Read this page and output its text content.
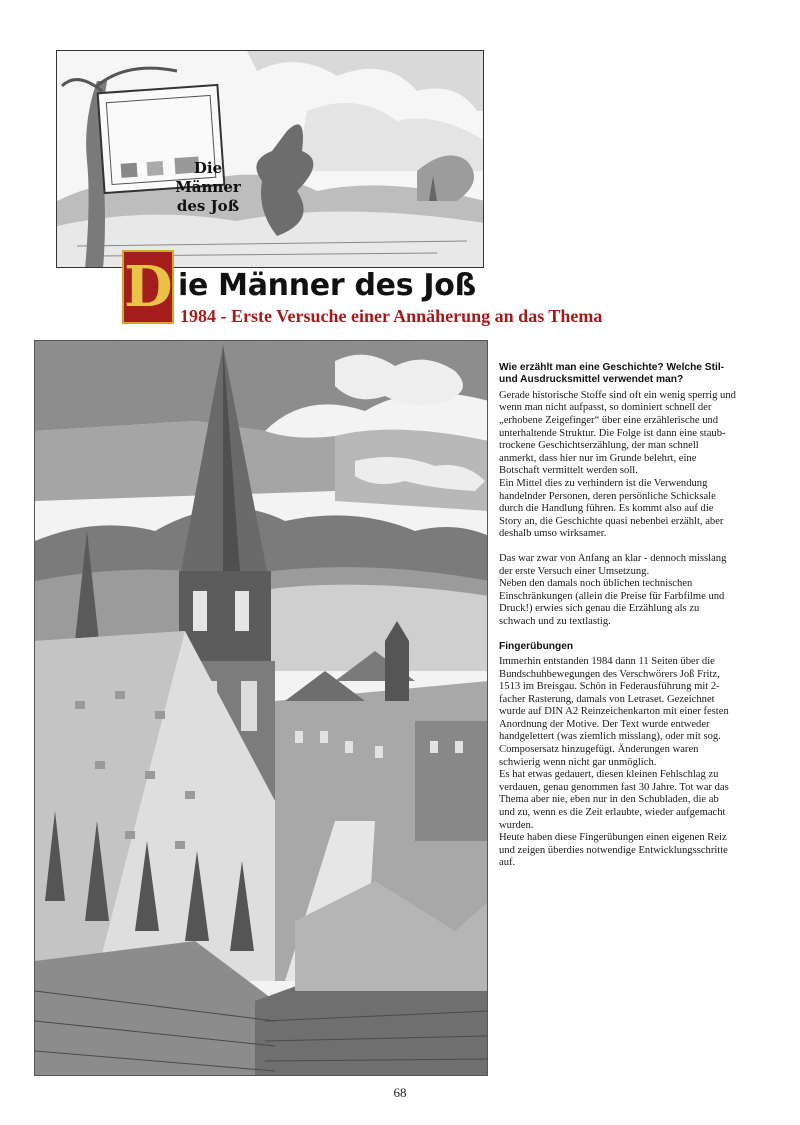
Die Männer
des Joß
D ie Männer des Joß
1984 - Erste Versuche einer Annäherung an das Thema

Wie erzählt man eine Geschichte? Welche Stil- und Ausdrucksmittel verwendet man?

Gerade historische Stoffe sind oft ein wenig sperrig und wenn man nicht aufpasst, so dominiert schnell der „erhobene Zeigefinger“ über eine erzählerische und unterhaltende Struktur. Die Folge ist dann eine staub-trockene Geschichtserzählung, der man schnell anmerkt, dass hier nur im Grunde belehrt, eine Botschaft vermittelt werden soll.

Ein Mittel dies zu verhindern ist die Verwendung handelnder Personen, deren persönliche Schicksale durch die Handlung führen. Es kommt also auf die Story an, die Geschichte quasi nebenbei erzählt, aber deshalb umso wirksamer.

Das war zwar von Anfang an klar - dennoch misslang der erste Versuch einer Umsetzung.

Neben den damals noch üblichen technischen Einschränkungen (allein die Preise für Farbfilme und Druck!) erwies sich genau die Erzählung als zu schwach und zu textlastig.

Fingerübungen

Immerhin entstanden 1984 dann 11 Seiten über die Bundschuhbewegungen des Verschwörers Joß Fritz, 1513 im Breisgau. Schön in Federausführung mit 2-facher Rasterung, damals von Letraset. Gezeichnet wurde auf DIN A2 Reinzeichenkarton mit einer festen Anordnung der Motive. Der Text wurde entweder handgelettert (was ziemlich misslang), oder mit sog. Composersatz hinzugefügt. Änderungen waren schwierig wenn nicht gar unmöglich.

Es hat etwas gedauert, diesen kleinen Fehlschlag zu verdauen, genau genommen fast 30 Jahre. Tot war das Thema aber nie, eben nur in den Schubladen, die ab und zu, wenn es die Zeit erlaubte, wieder aufgemacht wurden.

Heute haben diese Fingerübungen einen eigenen Reiz und zeigen überdies notwendige Entwicklungsschritte auf.

68
